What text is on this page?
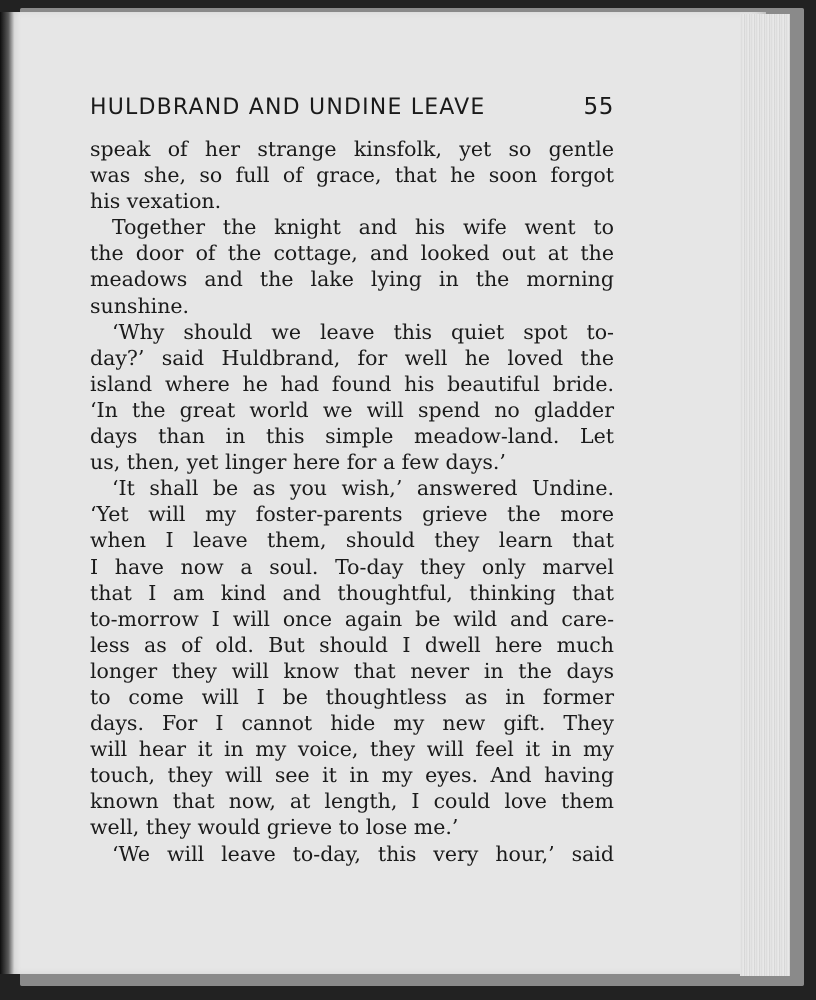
HULDBRAND AND UNDINE LEAVE	55
speak of her strange kinsfolk, yet so gentle
was she, so full of grace, that he soon forgot
his vexation.
Together the knight and his wife went to
the door of the cottage, and looked out at the
meadows and the lake lying in the morning
sunshine.
‘Why should we leave this quiet spot to-
day?’ said Huldbrand, for well he loved the
island where he had found his beautiful bride.
‘In the great world we will spend no gladder
days than in this simple meadow-land. Let
us, then, yet linger here for a few days.’
‘It shall be as you wish,’ answered Undine.
‘Yet will my foster-parents grieve the more
when I leave them, should they learn that
I have now a soul. To-day they only marvel
that I am kind and thoughtful, thinking that
to-morrow I will once again be wild and care-
less as of old. But should I dwell here much
longer they will know that never in the days
to come will I be thoughtless as in former
days. For I cannot hide my new gift. They
will hear it in my voice, they will feel it in my
touch, they will see it in my eyes. And having
known that now, at length, I could love them
well, they would grieve to lose me.’
‘We will leave to-day, this very hour,’ said
